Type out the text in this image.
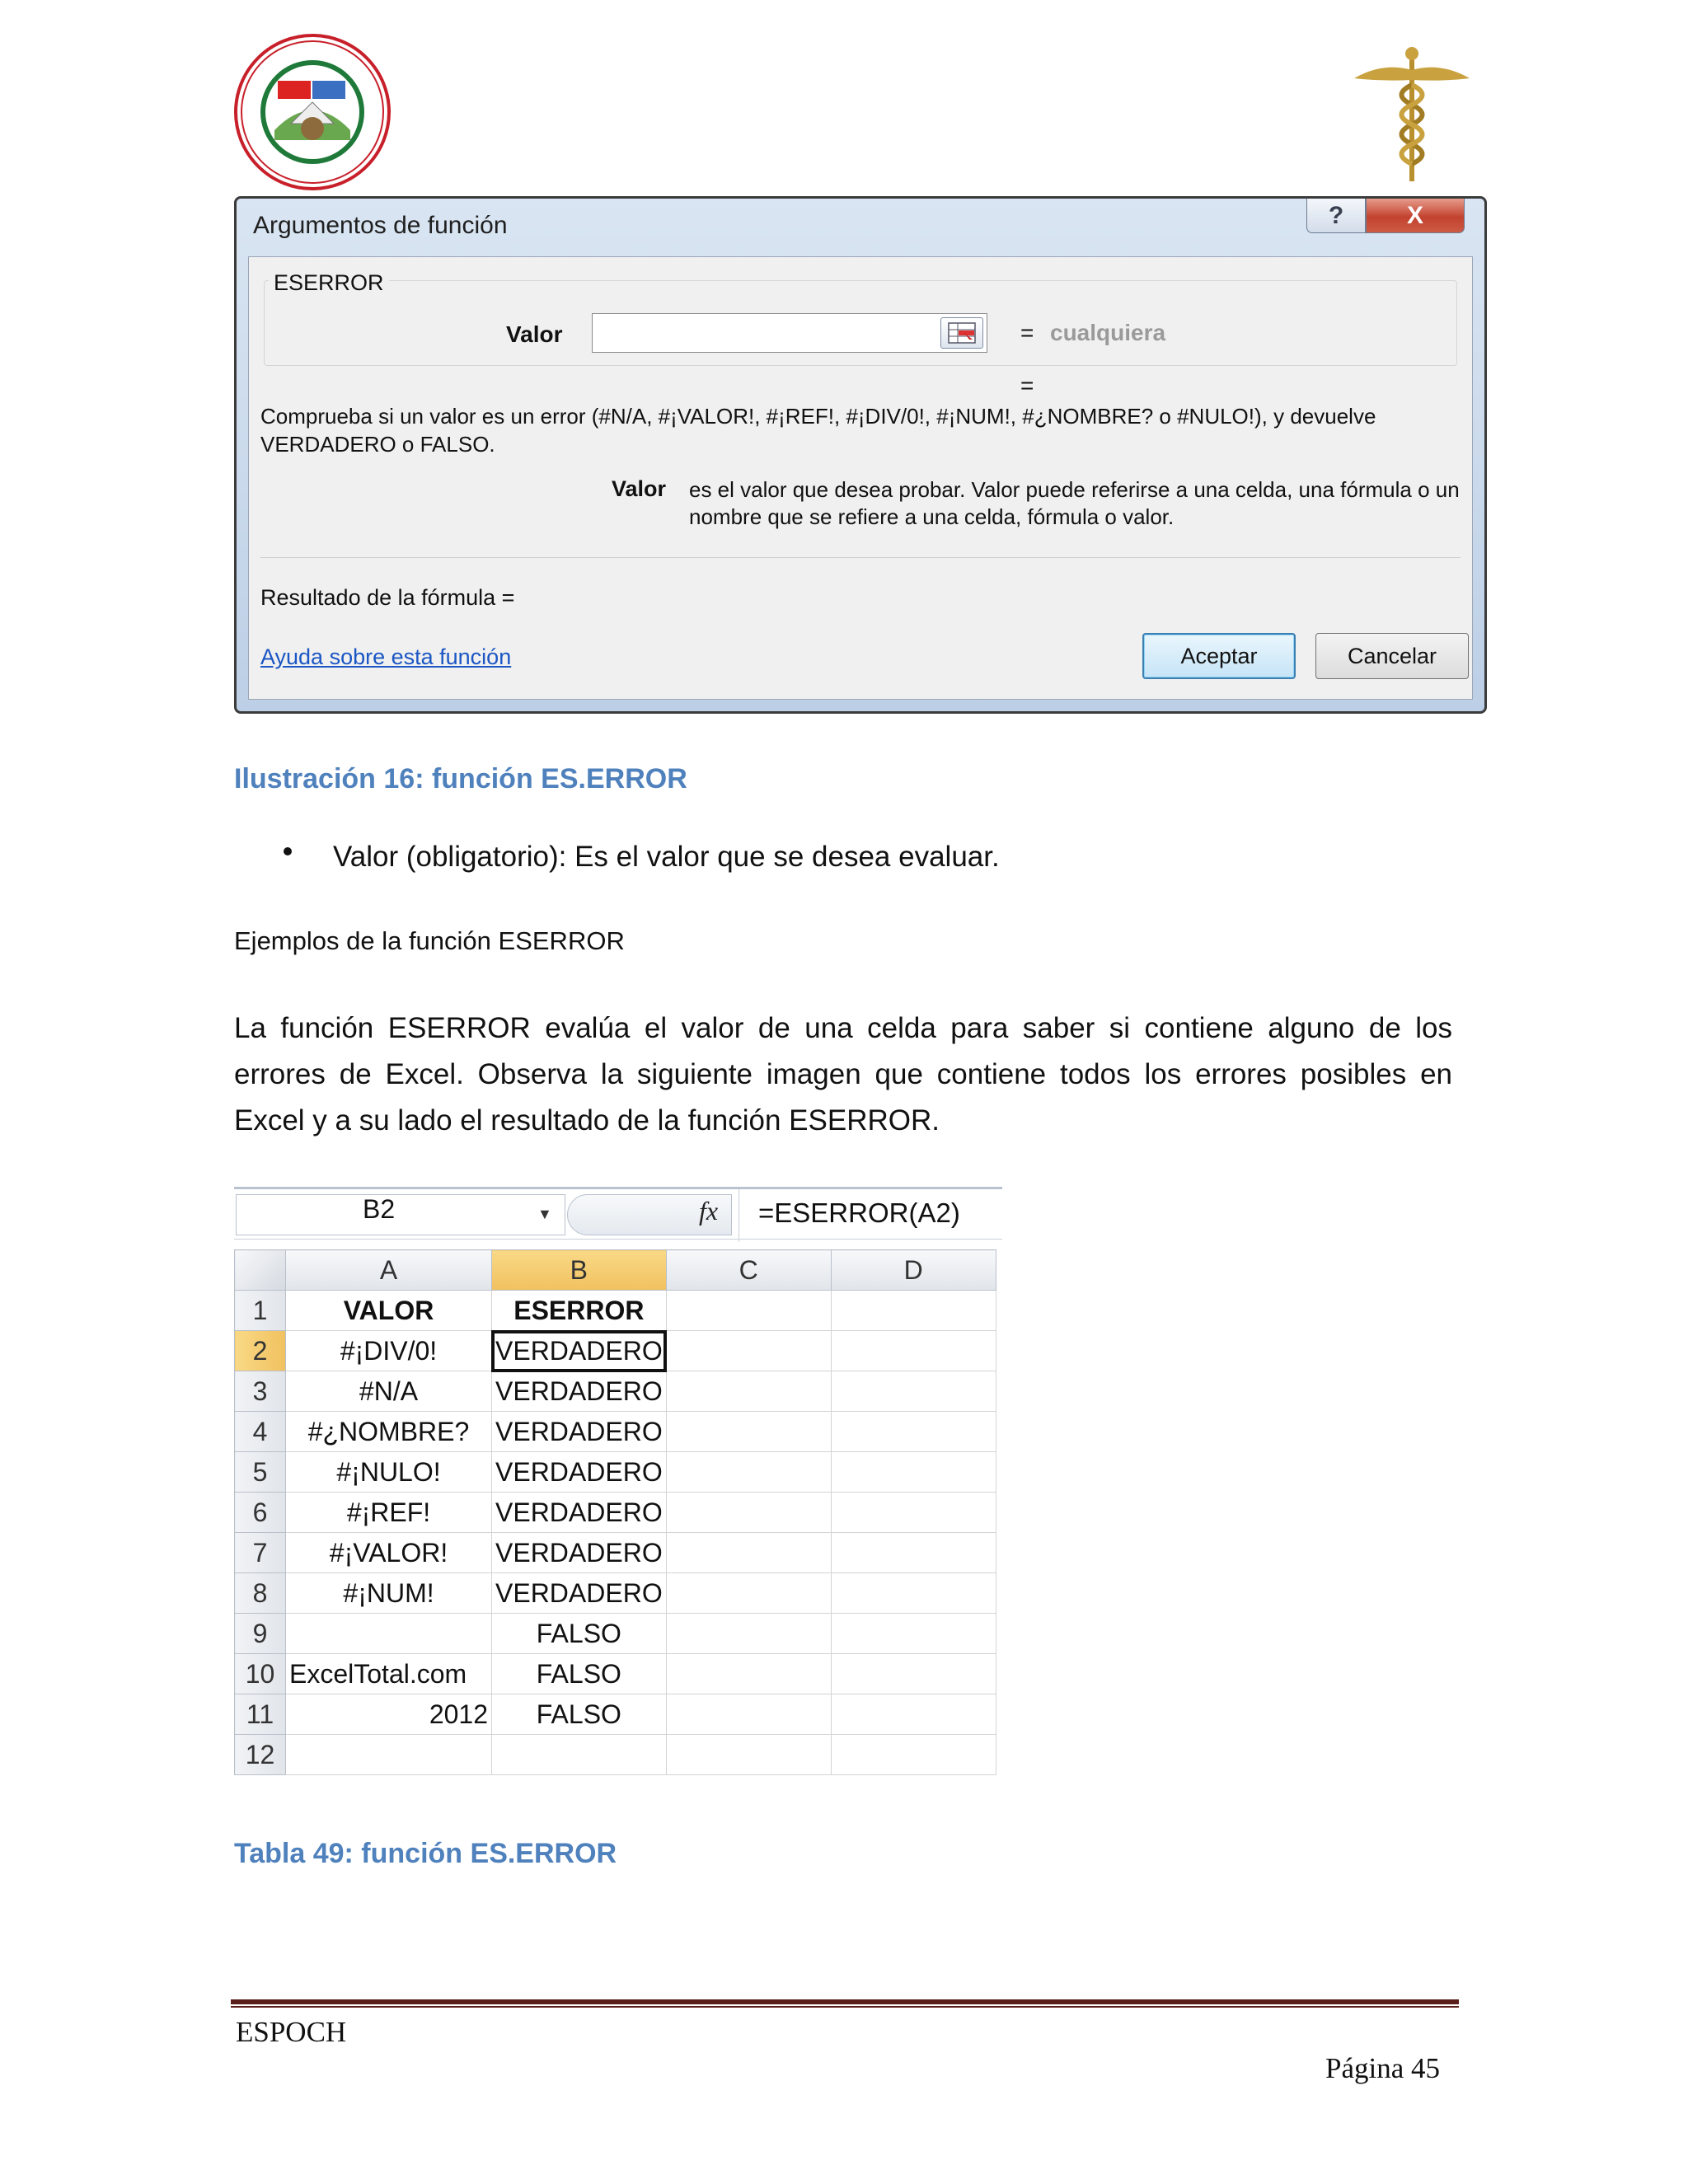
Argumentos de función	?	X
ESERROR
Valor	= cualquiera
=
Comprueba si un valor es un error (#N/A, #¡VALOR!, #¡REF!, #¡DIV/0!, #¡NUM!, #¿NOMBRE? o #NULO!), y devuelve VERDADERO o FALSO.
Valor es el valor que desea probar. Valor puede referirse a una celda, una fórmula o un nombre que se refiere a una celda, fórmula o valor.
Resultado de la fórmula =
Ayuda sobre esta función	Aceptar	Cancelar
Ilustración 16: función ES.ERROR
Valor (obligatorio): Es el valor que se desea evaluar.
Ejemplos de la función ESERROR
La función ESERROR evalúa el valor de una celda para saber si contiene alguno de los errores de Excel. Observa la siguiente imagen que contiene todos los errores posibles en Excel y a su lado el resultado de la función ESERROR.
B2	▼	fx =ESERROR(A2)
	A	B	C	D
1	VALOR	ESERROR		
2	#¡DIV/0!	VERDADERO		
3	#N/A	VERDADERO		
4	#¿NOMBRE?	VERDADERO		
5	#¡NULO!	VERDADERO		
6	#¡REF!	VERDADERO		
7	#¡VALOR!	VERDADERO		
8	#¡NUM!	VERDADERO		
9		FALSO		
10	ExcelTotal.com	FALSO		
11	2012	FALSO		
12				
Tabla 49: función ES.ERROR
ESPOCH
Página 45
